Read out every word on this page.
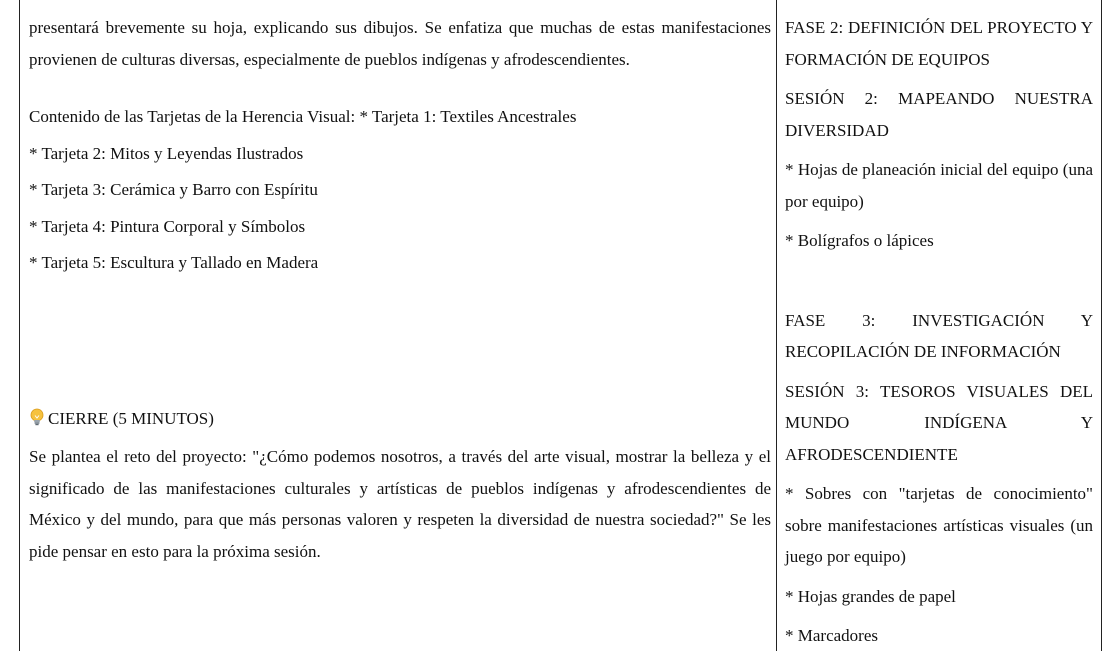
presentará brevemente su hoja, explicando sus dibujos. Se enfatiza que muchas de estas manifestaciones provienen de culturas diversas, especialmente de pueblos indígenas y afrodescendientes.

Contenido de las Tarjetas de la Herencia Visual: * Tarjeta 1: Textiles Ancestrales

* Tarjeta 2: Mitos y Leyendas Ilustrados

* Tarjeta 3: Cerámica y Barro con Espíritu

* Tarjeta 4: Pintura Corporal y Símbolos

* Tarjeta 5: Escultura y Tallado en Madera

CIERRE (5 MINUTOS)

Se plantea el reto del proyecto: "¿Cómo podemos nosotros, a través del arte visual, mostrar la belleza y el significado de las manifestaciones culturales y artísticas de pueblos indígenas y afrodescendientes de México y del mundo, para que más personas valoren y respeten la diversidad de nuestra sociedad?" Se les pide pensar en esto para la próxima sesión.

FASE 2: DEFINICIÓN DEL PROYECTO Y FORMACIÓN DE EQUIPOS

SESIÓN 2: MAPEANDO NUESTRA DIVERSIDAD

* Hojas de planeación inicial del equipo (una por equipo)

* Bolígrafos o lápices

FASE 3: INVESTIGACIÓN Y RECOPILACIÓN DE INFORMACIÓN

SESIÓN 3: TESOROS VISUALES DEL MUNDO INDÍGENA Y AFRODESCENDIENTE

* Sobres con "tarjetas de conocimiento" sobre manifestaciones artísticas visuales (un juego por equipo)

* Hojas grandes de papel

* Marcadores
